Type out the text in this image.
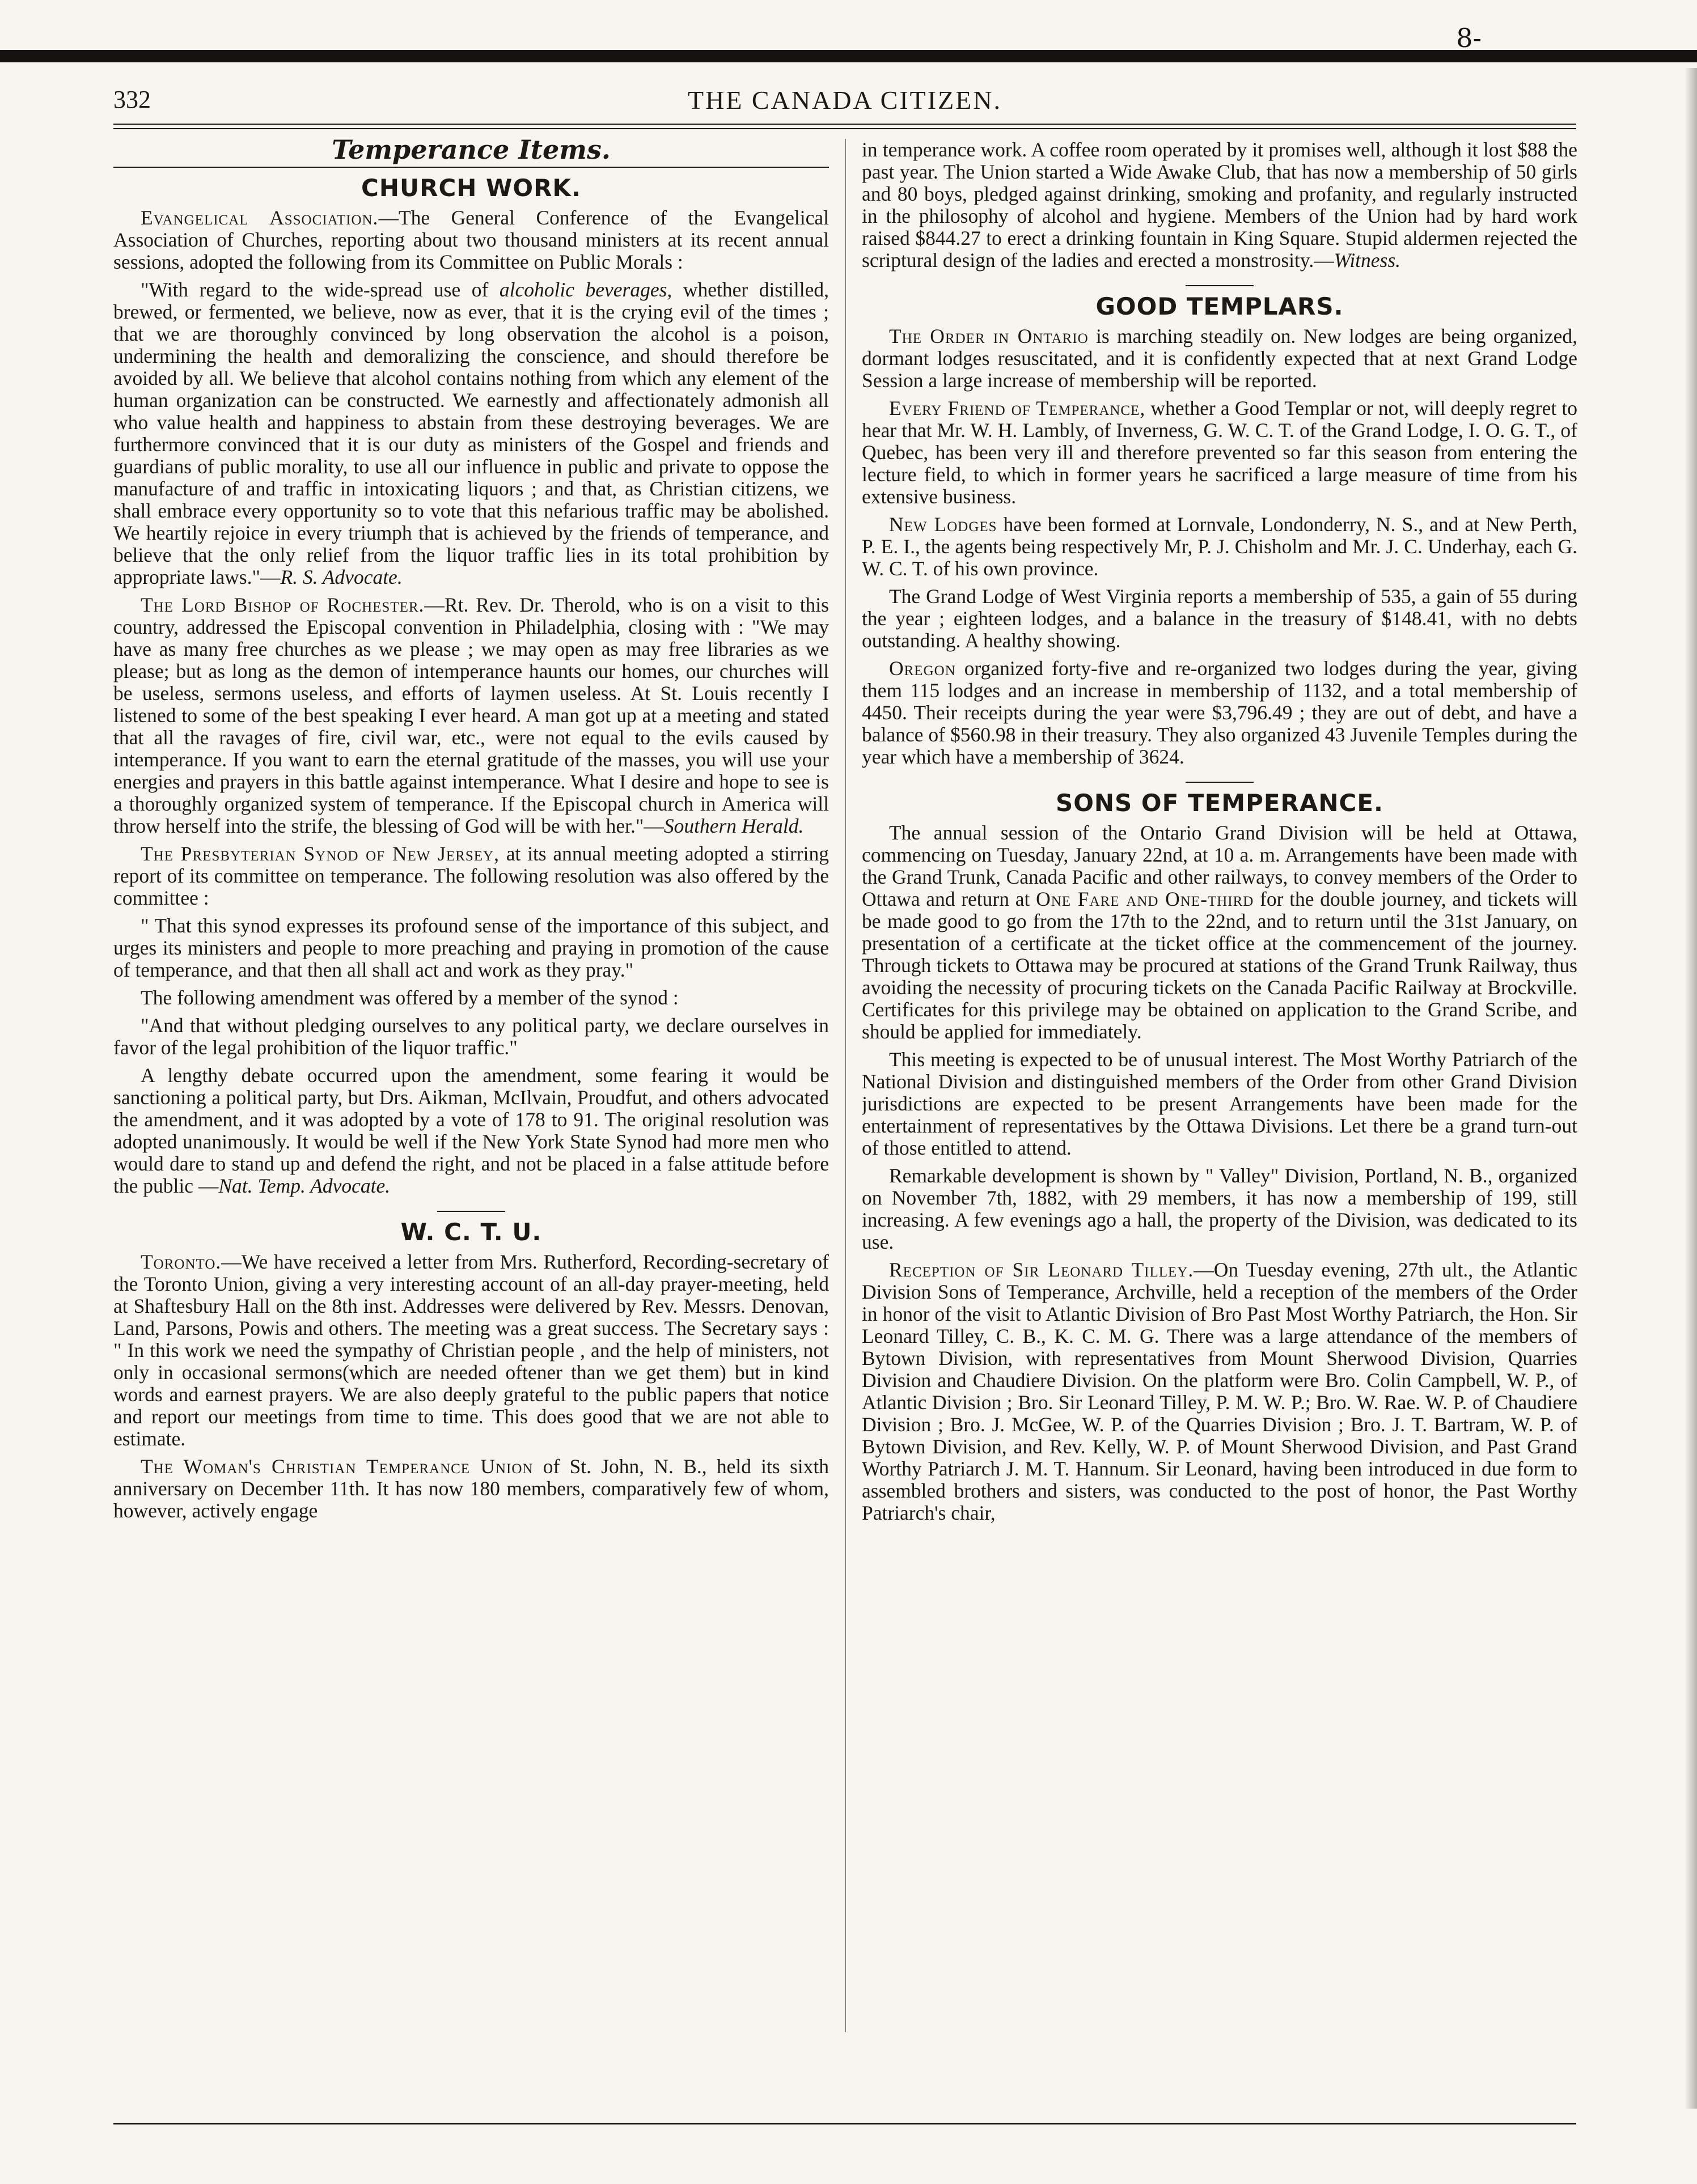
8-
332	THE CANADA CITIZEN.
Temperance Items.
CHURCH WORK.

Evangelical Association.—The General Conference of the Evangelical Association of Churches, reporting about two thousand ministers at its recent annual sessions, adopted the following from its Committee on Public Morals :

"With regard to the wide-spread use of alcoholic beverages, whether distilled, brewed, or fermented, we believe, now as ever, that it is the crying evil of the times ; that we are thoroughly convinced by long observation the alcohol is a poison, undermining the health and demoralizing the conscience, and should therefore be avoided by all. We believe that alcohol contains nothing from which any element of the human organization can be constructed. We earnestly and affectionately admonish all who value health and happiness to abstain from these destroying beverages. We are furthermore convinced that it is our duty as ministers of the Gospel and friends and guardians of public morality, to use all our influence in public and private to oppose the manufacture of and traffic in intoxicating liquors ; and that, as Christian citizens, we shall embrace every opportunity so to vote that this nefarious traffic may be abolished. We heartily rejoice in every triumph that is achieved by the friends of temperance, and believe that the only relief from the liquor traffic lies in its total prohibition by appropriate laws."—R. S. Advocate.

The Lord Bishop of Rochester.—Rt. Rev. Dr. Therold, who is on a visit to this country, addressed the Episcopal convention in Philadelphia, closing with : "We may have as many free churches as we please ; we may open as may free libraries as we please; but as long as the demon of intemperance haunts our homes, our churches will be useless, sermons useless, and efforts of laymen useless. At St. Louis recently I listened to some of the best speaking I ever heard. A man got up at a meeting and stated that all the ravages of fire, civil war, etc., were not equal to the evils caused by intemperance. If you want to earn the eternal gratitude of the masses, you will use your energies and prayers in this battle against intemperance. What I desire and hope to see is a thoroughly organized system of temperance. If the Episcopal church in America will throw herself into the strife, the blessing of God will be with her."—Southern Herald.

The Presbyterian Synod of New Jersey, at its annual meeting adopted a stirring report of its committee on temperance. The following resolution was also offered by the committee :

" That this synod expresses its profound sense of the importance of this subject, and urges its ministers and people to more preaching and praying in promotion of the cause of temperance, and that then all shall act and work as they pray."

The following amendment was offered by a member of the synod :

"And that without pledging ourselves to any political party, we declare ourselves in favor of the legal prohibition of the liquor traffic."

A lengthy debate occurred upon the amendment, some fearing it would be sanctioning a political party, but Drs. Aikman, McIlvain, Proudfut, and others advocated the amendment, and it was adopted by a vote of 178 to 91. The original resolution was adopted unanimously. It would be well if the New York State Synod had more men who would dare to stand up and defend the right, and not be placed in a false attitude before the public —Nat. Temp. Advocate.

W. C. T. U.

Toronto.—We have received a letter from Mrs. Rutherford, Recording-secretary of the Toronto Union, giving a very interesting account of an all-day prayer-meeting, held at Shaftesbury Hall on the 8th inst. Addresses were delivered by Rev. Messrs. Denovan, Land, Parsons, Powis and others. The meeting was a great success. The Secretary says : " In this work we need the sympathy of Christian people , and the help of ministers, not only in occasional sermons(which are needed oftener than we get them) but in kind words and earnest prayers. We are also deeply grateful to the public papers that notice and report our meetings from time to time. This does good that we are not able to estimate.

The Woman's Christian Temperance Union of St. John, N. B., held its sixth anniversary on December 11th. It has now 180 members, comparatively few of whom, however, actively engage

in temperance work. A coffee room operated by it promises well, although it lost $88 the past year. The Union started a Wide Awake Club, that has now a membership of 50 girls and 80 boys, pledged against drinking, smoking and profanity, and regularly instructed in the philosophy of alcohol and hygiene. Members of the Union had by hard work raised $844.27 to erect a drinking fountain in King Square. Stupid aldermen rejected the scriptural design of the ladies and erected a monstrosity.—Witness.

GOOD TEMPLARS.

The Order in Ontario is marching steadily on. New lodges are being organized, dormant lodges resuscitated, and it is confidently expected that at next Grand Lodge Session a large increase of membership will be reported.

Every Friend of Temperance, whether a Good Templar or not, will deeply regret to hear that Mr. W. H. Lambly, of Inverness, G. W. C. T. of the Grand Lodge, I. O. G. T., of Quebec, has been very ill and therefore prevented so far this season from entering the lecture field, to which in former years he sacrificed a large measure of time from his extensive business.

New Lodges have been formed at Lornvale, Londonderry, N. S., and at New Perth, P. E. I., the agents being respectively Mr, P. J. Chisholm and Mr. J. C. Underhay, each G. W. C. T. of his own province.

The Grand Lodge of West Virginia reports a membership of 535, a gain of 55 during the year ; eighteen lodges, and a balance in the treasury of $148.41, with no debts outstanding. A healthy showing.

Oregon organized forty-five and re-organized two lodges during the year, giving them 115 lodges and an increase in membership of 1132, and a total membership of 4450. Their receipts during the year were $3,796.49 ; they are out of debt, and have a balance of $560.98 in their treasury. They also organized 43 Juvenile Temples during the year which have a membership of 3624.

SONS OF TEMPERANCE.

The annual session of the Ontario Grand Division will be held at Ottawa, commencing on Tuesday, January 22nd, at 10 a. m. Arrangements have been made with the Grand Trunk, Canada Pacific and other railways, to convey members of the Order to Ottawa and return at One Fare and One-third for the double journey, and tickets will be made good to go from the 17th to the 22nd, and to return until the 31st January, on presentation of a certificate at the ticket office at the commencement of the journey. Through tickets to Ottawa may be procured at stations of the Grand Trunk Railway, thus avoiding the necessity of procuring tickets on the Canada Pacific Railway at Brockville. Certificates for this privilege may be obtained on application to the Grand Scribe, and should be applied for immediately.

This meeting is expected to be of unusual interest. The Most Worthy Patriarch of the National Division and distinguished members of the Order from other Grand Division jurisdictions are expected to be present Arrangements have been made for the entertainment of representatives by the Ottawa Divisions. Let there be a grand turn-out of those entitled to attend.

Remarkable development is shown by " Valley" Division, Portland, N. B., organized on November 7th, 1882, with 29 members, it has now a membership of 199, still increasing. A few evenings ago a hall, the property of the Division, was dedicated to its use.

Reception of Sir Leonard Tilley.—On Tuesday evening, 27th ult., the Atlantic Division Sons of Temperance, Archville, held a reception of the members of the Order in honor of the visit to Atlantic Division of Bro Past Most Worthy Patriarch, the Hon. Sir Leonard Tilley, C. B., K. C. M. G. There was a large attendance of the members of Bytown Division, with representatives from Mount Sherwood Division, Quarries Division and Chaudiere Division. On the platform were Bro. Colin Campbell, W. P., of Atlantic Division ; Bro. Sir Leonard Tilley, P. M. W. P.; Bro. W. Rae. W. P. of Chaudiere Division ; Bro. J. McGee, W. P. of the Quarries Division ; Bro. J. T. Bartram, W. P. of Bytown Division, and Rev. Kelly, W. P. of Mount Sherwood Division, and Past Grand Worthy Patriarch J. M. T. Hannum. Sir Leonard, having been introduced in due form to assembled brothers and sisters, was conducted to the post of honor, the Past Worthy Patriarch's chair,
